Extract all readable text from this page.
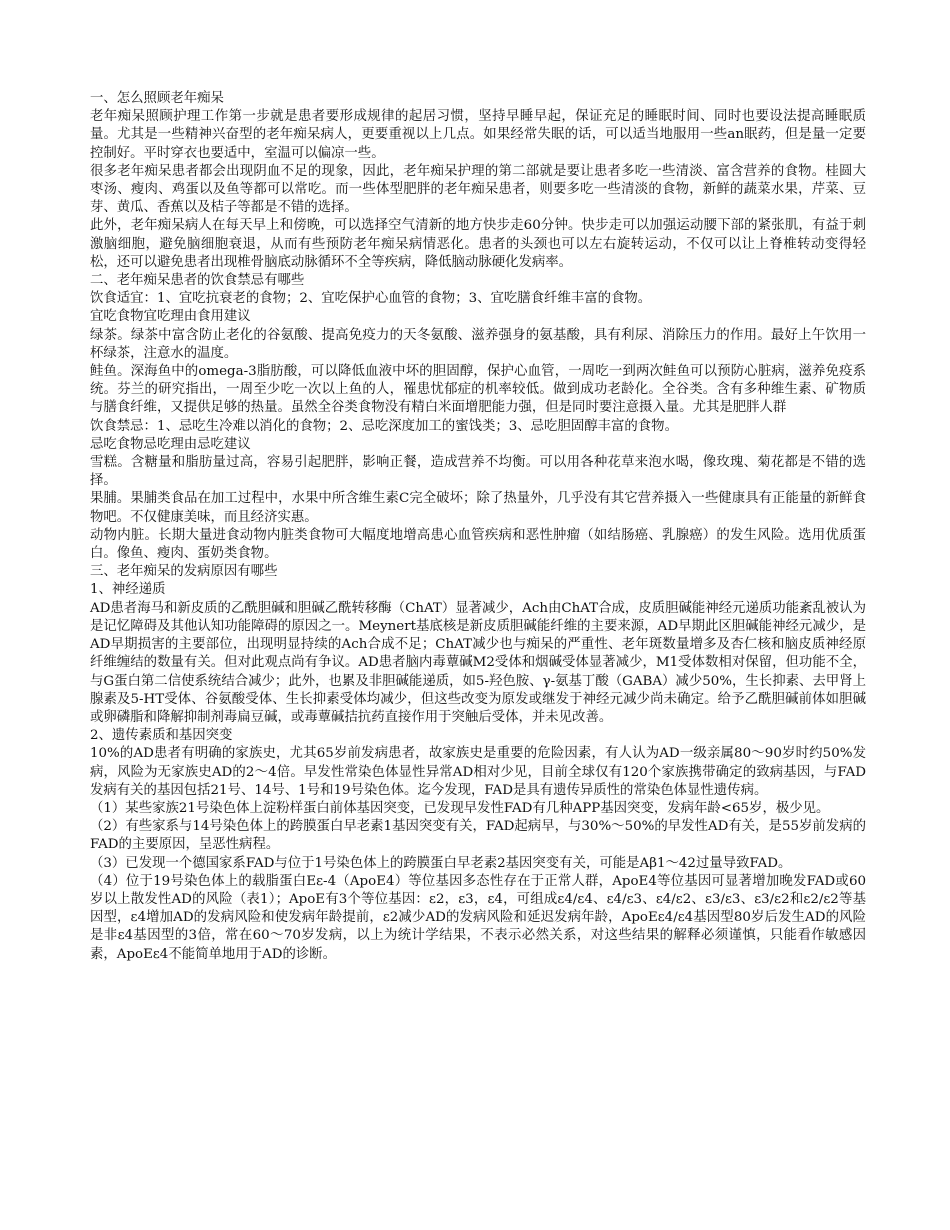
一、怎么照顾老年痴呆

老年痴呆照顾护理工作第一步就是患者要形成规律的起居习惯，坚持早睡早起，保证充足的睡眠时间、同时也要设法提高睡眠质量。尤其是一些精神兴奋型的老年痴呆病人，更要重视以上几点。如果经常失眠的话，可以适当地服用一些an眠药，但是量一定要控制好。平时穿衣也要适中，室温可以偏凉一些。

很多老年痴呆患者都会出现阴血不足的现象，因此，老年痴呆护理的第二部就是要让患者多吃一些清淡、富含营养的食物。桂圆大枣汤、瘦肉、鸡蛋以及鱼等都可以常吃。而一些体型肥胖的老年痴呆患者，则要多吃一些清淡的食物，新鲜的蔬菜水果，芹菜、豆芽、黄瓜、香蕉以及桔子等都是不错的选择。

此外，老年痴呆病人在每天早上和傍晚，可以选择空气清新的地方快步走60分钟。快步走可以加强运动腰下部的紧张肌，有益于刺激脑细胞，避免脑细胞衰退，从而有些预防老年痴呆病情恶化。患者的头颈也可以左右旋转运动，不仅可以让上脊椎转动变得轻松，还可以避免患者出现椎骨脑底动脉循环不全等疾病，降低脑动脉硬化发病率。

二、老年痴呆患者的饮食禁忌有哪些

饮食适宜：1、宜吃抗衰老的食物；2、宜吃保护心血管的食物；3、宜吃膳食纤维丰富的食物。

宜吃食物宜吃理由食用建议

绿茶。绿茶中富含防止老化的谷氨酸、提高免疫力的天冬氨酸、滋养强身的氨基酸，具有利尿、消除压力的作用。最好上午饮用一杯绿茶，注意水的温度。

鲑鱼。深海鱼中的omega-3脂肪酸，可以降低血液中坏的胆固醇，保护心血管，一周吃一到两次鲑鱼可以预防心脏病，滋养免疫系统。芬兰的研究指出，一周至少吃一次以上鱼的人，罹患忧郁症的机率较低。做到成功老龄化。全谷类。含有多种维生素、矿物质与膳食纤维，又提供足够的热量。虽然全谷类食物没有精白米面增肥能力强，但是同时要注意摄入量。尤其是肥胖人群

饮食禁忌：1、忌吃生冷难以消化的食物；2、忌吃深度加工的蜜饯类；3、忌吃胆固醇丰富的食物。

忌吃食物忌吃理由忌吃建议

雪糕。含糖量和脂肪量过高，容易引起肥胖，影响正餐，造成营养不均衡。可以用各种花草来泡水喝，像玫瑰、菊花都是不错的选择。

果脯。果脯类食品在加工过程中，水果中所含维生素C完全破坏；除了热量外，几乎没有其它营养摄入一些健康具有正能量的新鲜食物吧。不仅健康美味，而且经济实惠。

动物内脏。长期大量进食动物内脏类食物可大幅度地增高患心血管疾病和恶性肿瘤（如结肠癌、乳腺癌）的发生风险。选用优质蛋白。像鱼、瘦肉、蛋奶类食物。

三、老年痴呆的发病原因有哪些

1、神经递质

AD患者海马和新皮质的乙酰胆碱和胆碱乙酰转移酶（ChAT）显著减少，Ach由ChAT合成，皮质胆碱能神经元递质功能紊乱被认为是记忆障碍及其他认知功能障碍的原因之一。Meynert基底核是新皮质胆碱能纤维的主要来源，AD早期此区胆碱能神经元减少，是AD早期损害的主要部位，出现明显持续的Ach合成不足；ChAT减少也与痴呆的严重性、老年斑数量增多及杏仁核和脑皮质神经原纤维缠结的数量有关。但对此观点尚有争议。AD患者脑内毒蕈碱M2受体和烟碱受体显著减少，M1受体数相对保留，但功能不全，与G蛋白第二信使系统结合减少；此外，也累及非胆碱能递质，如5-羟色胺、γ-氨基丁酸（GABA）减少50%，生长抑素、去甲肾上腺素及5-HT受体、谷氨酸受体、生长抑素受体均减少，但这些改变为原发或继发于神经元减少尚未确定。给予乙酰胆碱前体如胆碱或卵磷脂和降解抑制剂毒扁豆碱，或毒蕈碱拮抗药直接作用于突触后受体，并未见改善。

2、遗传素质和基因突变

10%的AD患者有明确的家族史，尤其65岁前发病患者，故家族史是重要的危险因素，有人认为AD一级亲属80～90岁时约50%发病，风险为无家族史AD的2～4倍。早发性常染色体显性异常AD相对少见，目前全球仅有120个家族携带确定的致病基因，与FAD发病有关的基因包括21号、14号、1号和19号染色体。迄今发现，FAD是具有遗传异质性的常染色体显性遗传病。

（1）某些家族21号染色体上淀粉样蛋白前体基因突变，已发现早发性FAD有几种APP基因突变，发病年龄<65岁，极少见。

（2）有些家系与14号染色体上的跨膜蛋白早老素1基因突变有关，FAD起病早，与30%～50%的早发性AD有关，是55岁前发病的FAD的主要原因，呈恶性病程。

（3）已发现一个德国家系FAD与位于1号染色体上的跨膜蛋白早老素2基因突变有关，可能是Aβ1～42过量导致FAD。

（4）位于19号染色体上的载脂蛋白Eε-4（ApoE4）等位基因多态性存在于正常人群，ApoE4等位基因可显著增加晚发FAD或60岁以上散发性AD的风险（表1）；ApoE有3个等位基因：ε2，ε3，ε4，可组成ε4/ε4、ε4/ε3、ε4/ε2、ε3/ε3、ε3/ε2和ε2/ε2等基因型，ε4增加AD的发病风险和使发病年龄提前，ε2减少AD的发病风险和延迟发病年龄，ApoEε4/ε4基因型80岁后发生AD的风险是非ε4基因型的3倍，常在60～70岁发病，以上为统计学结果，不表示必然关系，对这些结果的解释必须谨慎，只能看作敏感因素，ApoEε4不能简单地用于AD的诊断。
